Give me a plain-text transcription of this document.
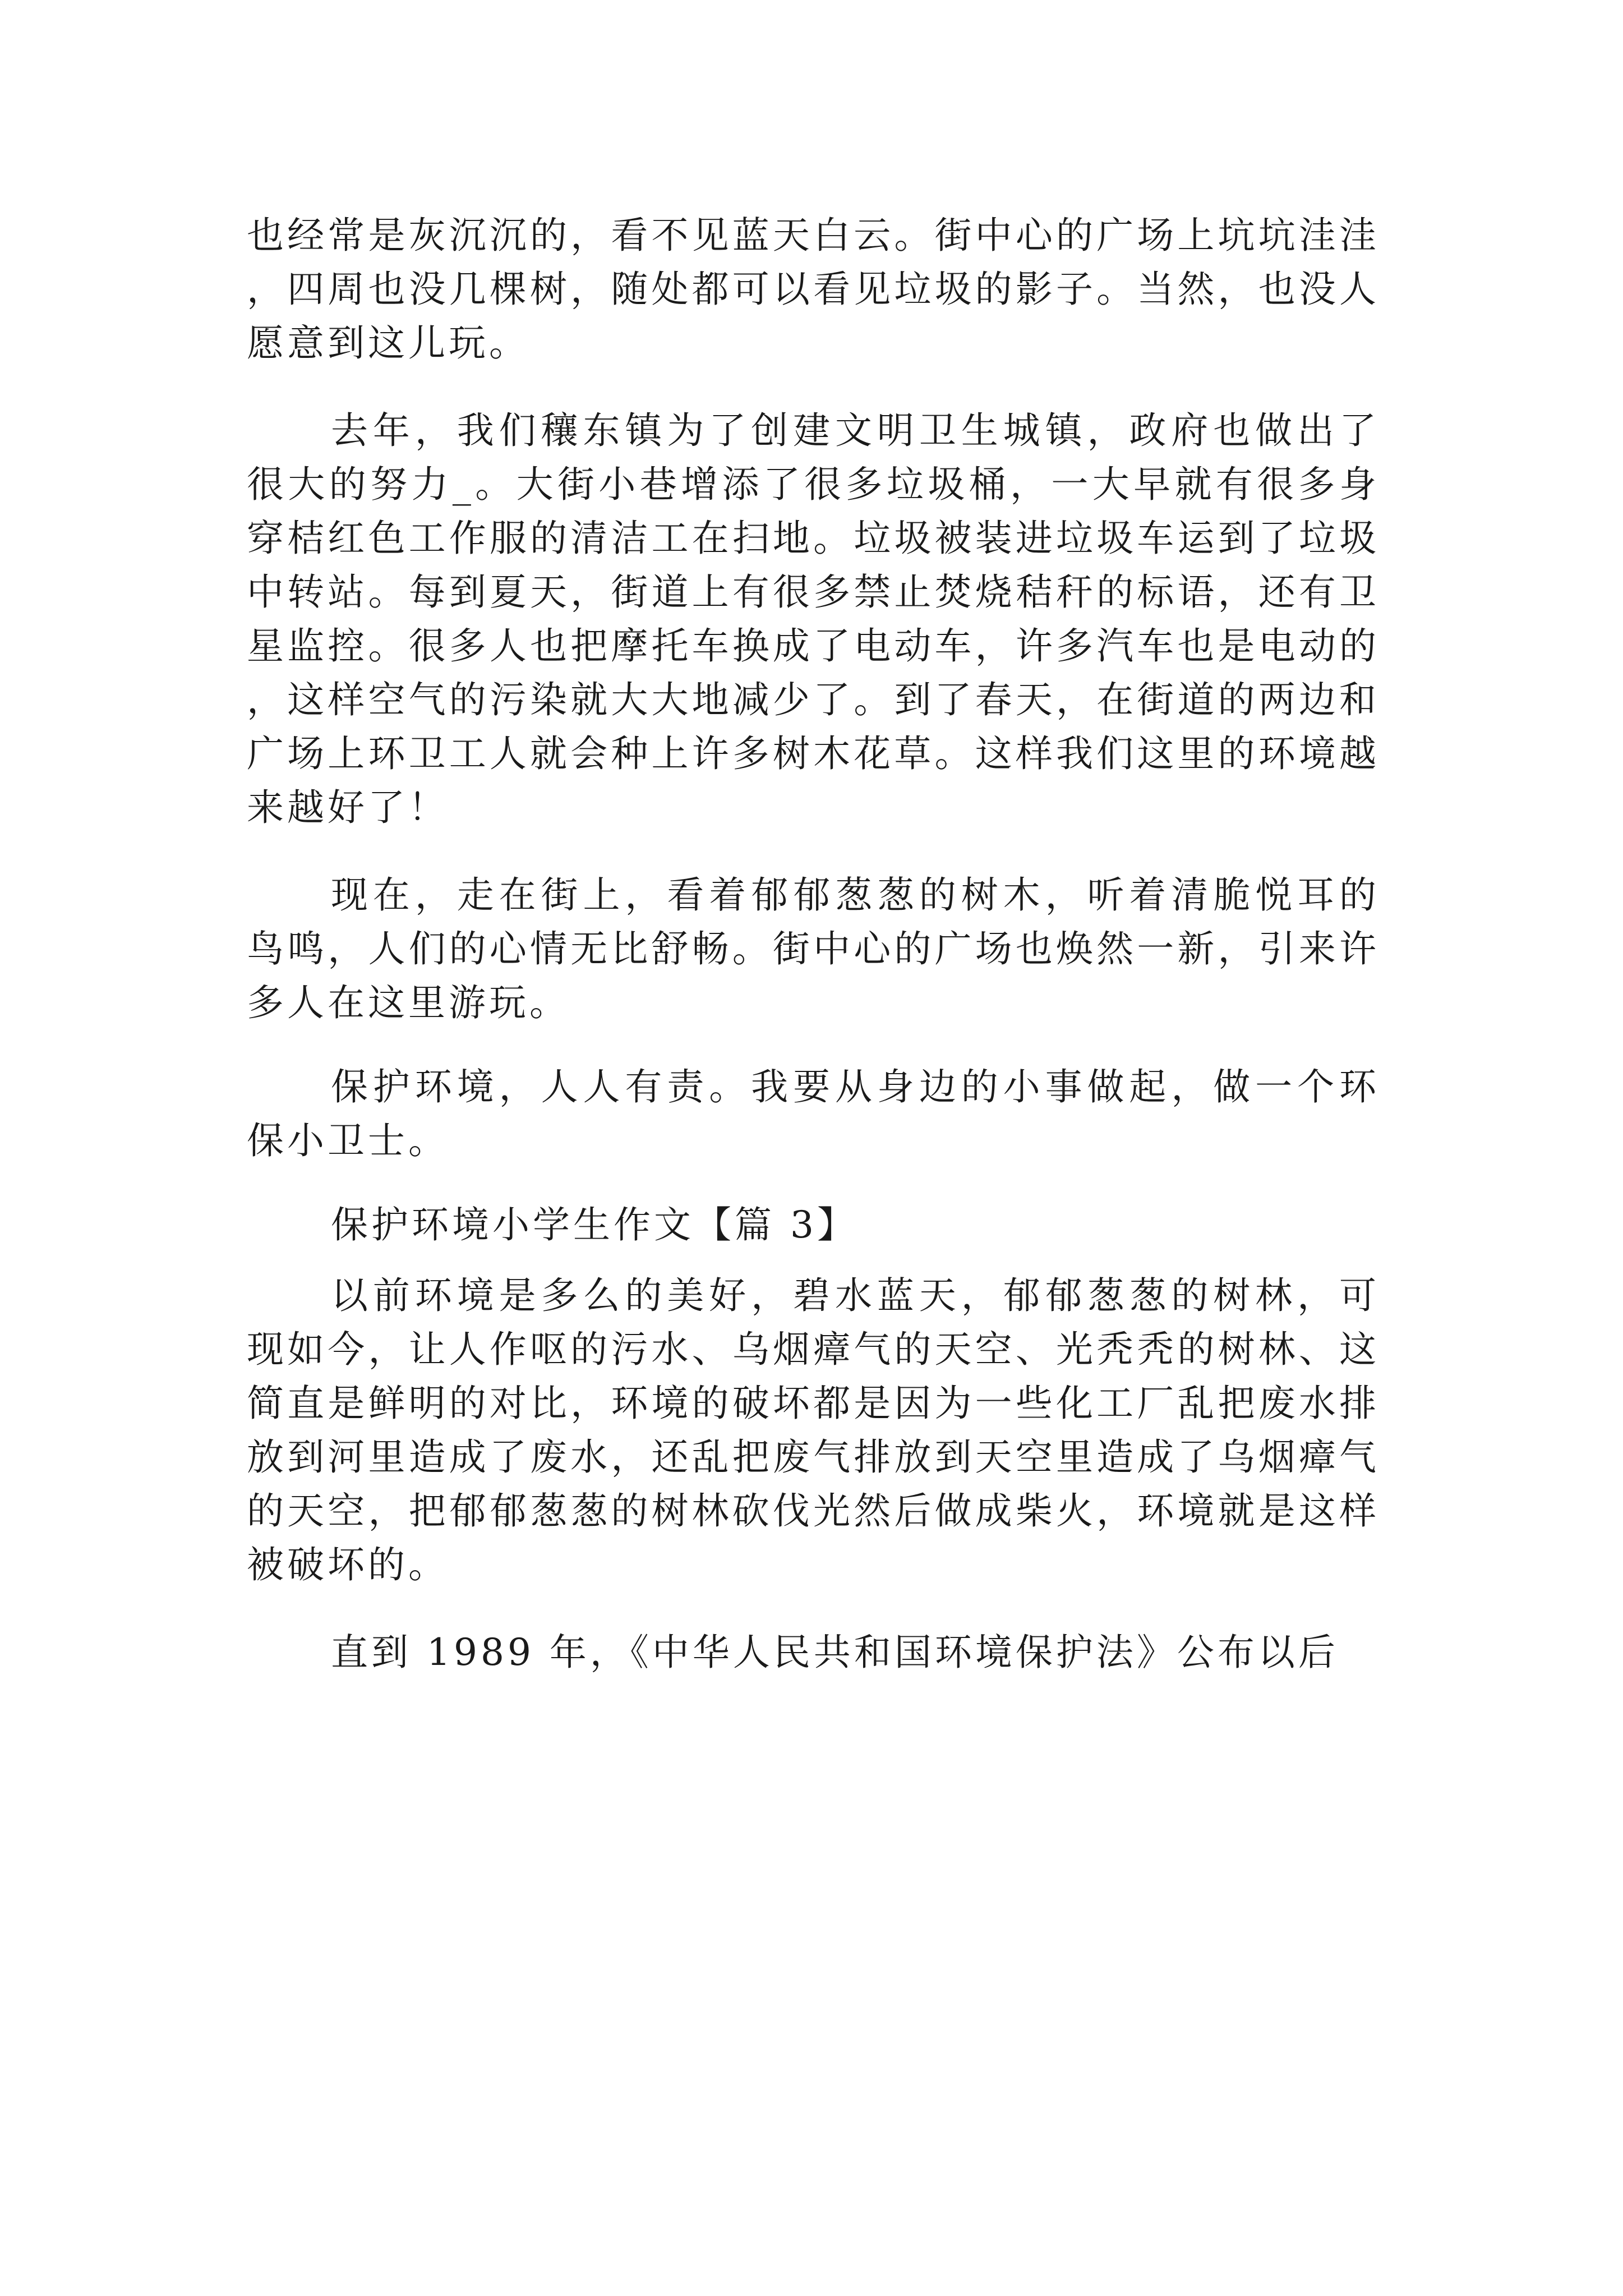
也经常是灰沉沉的，看不见蓝天白云。街中心的广场上坑坑洼洼，四周也没几棵树，随处都可以看见垃圾的影子。当然，也没人愿意到这儿玩。

去年，我们穰东镇为了创建文明卫生城镇，政府也做出了很大的努力_。大街小巷增添了很多垃圾桶，一大早就有很多身穿桔红色工作服的清洁工在扫地。垃圾被装进垃圾车运到了垃圾中转站。每到夏天，街道上有很多禁止焚烧秸秆的标语，还有卫星监控。很多人也把摩托车换成了电动车，许多汽车也是电动的，这样空气的污染就大大地减少了。到了春天，在街道的两边和广场上环卫工人就会种上许多树木花草。这样我们这里的环境越来越好了！

现在，走在街上，看着郁郁葱葱的树木，听着清脆悦耳的鸟鸣，人们的心情无比舒畅。街中心的广场也焕然一新，引来许多人在这里游玩。

保护环境，人人有责。我要从身边的小事做起，做一个环保小卫士。

保护环境小学生作文【篇 3】

以前环境是多么的美好，碧水蓝天，郁郁葱葱的树林，可现如今，让人作呕的污水、乌烟瘴气的天空、光秃秃的树林、这简直是鲜明的对比，环境的破坏都是因为一些化工厂乱把废水排放到河里造成了废水，还乱把废气排放到天空里造成了乌烟瘴气的天空，把郁郁葱葱的树林砍伐光然后做成柴火，环境就是这样被破坏的。

直到 1989 年，《中华人民共和国环境保护法》公布以后
